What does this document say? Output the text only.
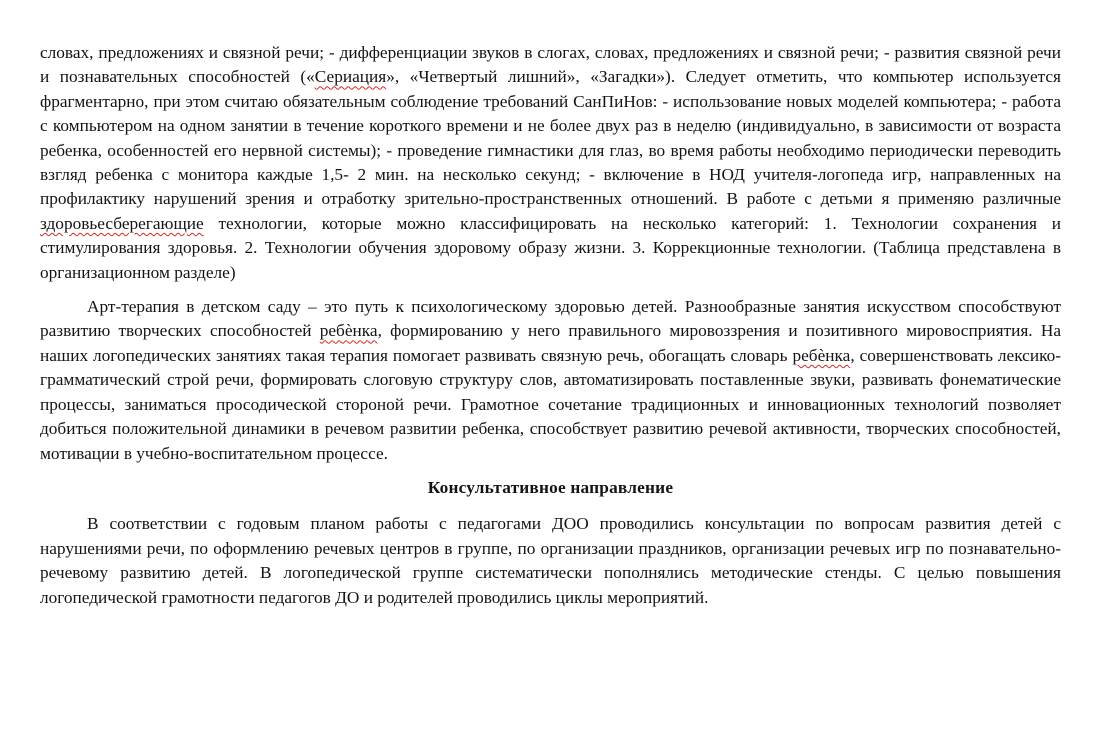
словах, предложениях и связной речи; - дифференциации звуков в слогах, словах, предложениях и связной речи; - развития связной речи и познавательных способностей («Сериация», «Четвертый лишний», «Загадки»). Следует отметить, что компьютер используется фрагментарно, при этом считаю обязательным соблюдение требований СанПиНов: - использование новых моделей компьютера; - работа с компьютером на одном занятии в течение короткого времени и не более двух раз в неделю (индивидуально, в зависимости от возраста ребенка, особенностей его нервной системы); - проведение гимнастики для глаз, во время работы необходимо периодически переводить взгляд ребенка с монитора каждые 1,5- 2 мин. на несколько секунд; - включение в НОД учителя-логопеда игр, направленных на профилактику нарушений зрения и отработку зрительно-пространственных отношений. В работе с детьми я применяю различные здоровьесберегающие технологии, которые можно классифицировать на несколько категорий: 1. Технологии сохранения и стимулирования здоровья. 2. Технологии обучения здоровому образу жизни. 3. Коррекционные технологии. (Таблица представлена в организационном разделе)

Арт-терапия в детском саду – это путь к психологическому здоровью детей. Разнообразные занятия искусством способствуют развитию творческих способностей ребѐнка, формированию у него правильного мировоззрения и позитивного мировосприятия. На наших логопедических занятиях такая терапия помогает развивать связную речь, обогащать словарь ребѐнка, совершенствовать лексико-грамматический строй речи, формировать слоговую структуру слов, автоматизировать поставленные звуки, развивать фонематические процессы, заниматься просодической стороной речи. Грамотное сочетание традиционных и инновационных технологий позволяет добиться положительной динамики в речевом развитии ребенка, способствует развитию речевой активности, творческих способностей, мотивации в учебно-воспитательном процессе.

Консультативное направление

В соответствии с годовым планом работы с педагогами ДОО проводились консультации по вопросам развития детей с нарушениями речи, по оформлению речевых центров в группе, по организации праздников, организации речевых игр по познавательно-речевому развитию детей. В логопедической группе систематически пополнялись методические стенды. С целью повышения логопедической грамотности педагогов ДО и родителей проводились циклы мероприятий.
